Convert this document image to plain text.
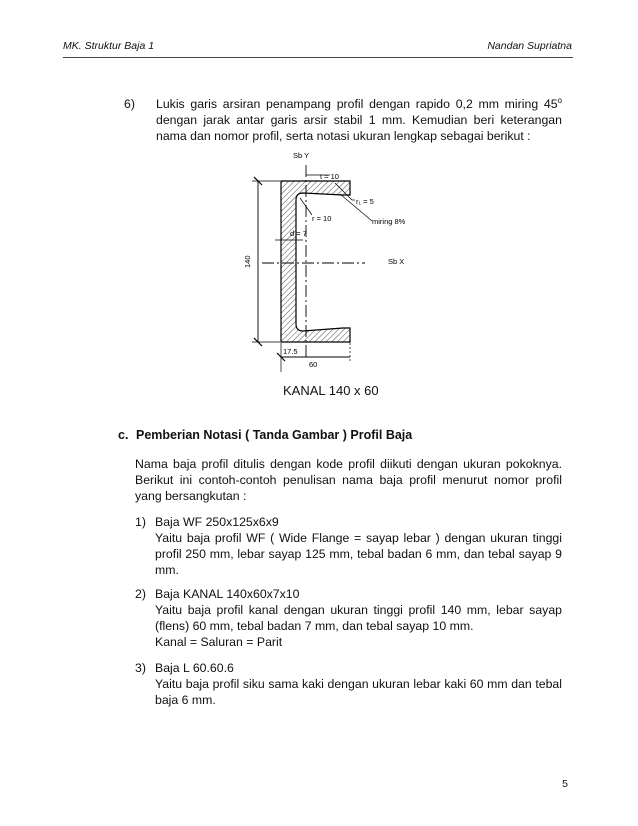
MK. Struktur Baja 1	Nandan Supriatna
6) Lukis garis arsiran penampang profil dengan rapido 0,2 mm miring 45$^o$ dengan jarak antar garis arsir stabil 1 mm. Kemudian beri keterangan nama dan nomor profil, serta notasi ukuran lengkap sebagai berikut :
Sb Y
t = 10
r₁ = 5
r = 10	miring 8%
d = 7
Sb X
140
17.5
60
KANAL 140 x 60
c. Pemberian Notasi ( Tanda Gambar ) Profil Baja
Nama baja profil ditulis dengan kode profil diikuti dengan ukuran pokoknya. Berikut ini contoh-contoh penulisan nama baja profil menurut nomor profil yang bersangkutan :
1) Baja WF 250x125x6x9
Yaitu baja profil WF ( Wide Flange = sayap lebar ) dengan ukuran tinggi profil 250 mm, lebar sayap 125 mm, tebal badan 6 mm, dan tebal sayap 9 mm.
2) Baja KANAL 140x60x7x10
Yaitu baja profil kanal dengan ukuran tinggi profil 140 mm, lebar sayap (flens) 60 mm, tebal badan 7 mm, dan tebal sayap 10 mm.
Kanal = Saluran = Parit
3) Baja L 60.60.6
Yaitu baja profil siku sama kaki dengan ukuran lebar kaki 60 mm dan tebal baja 6 mm.
5
